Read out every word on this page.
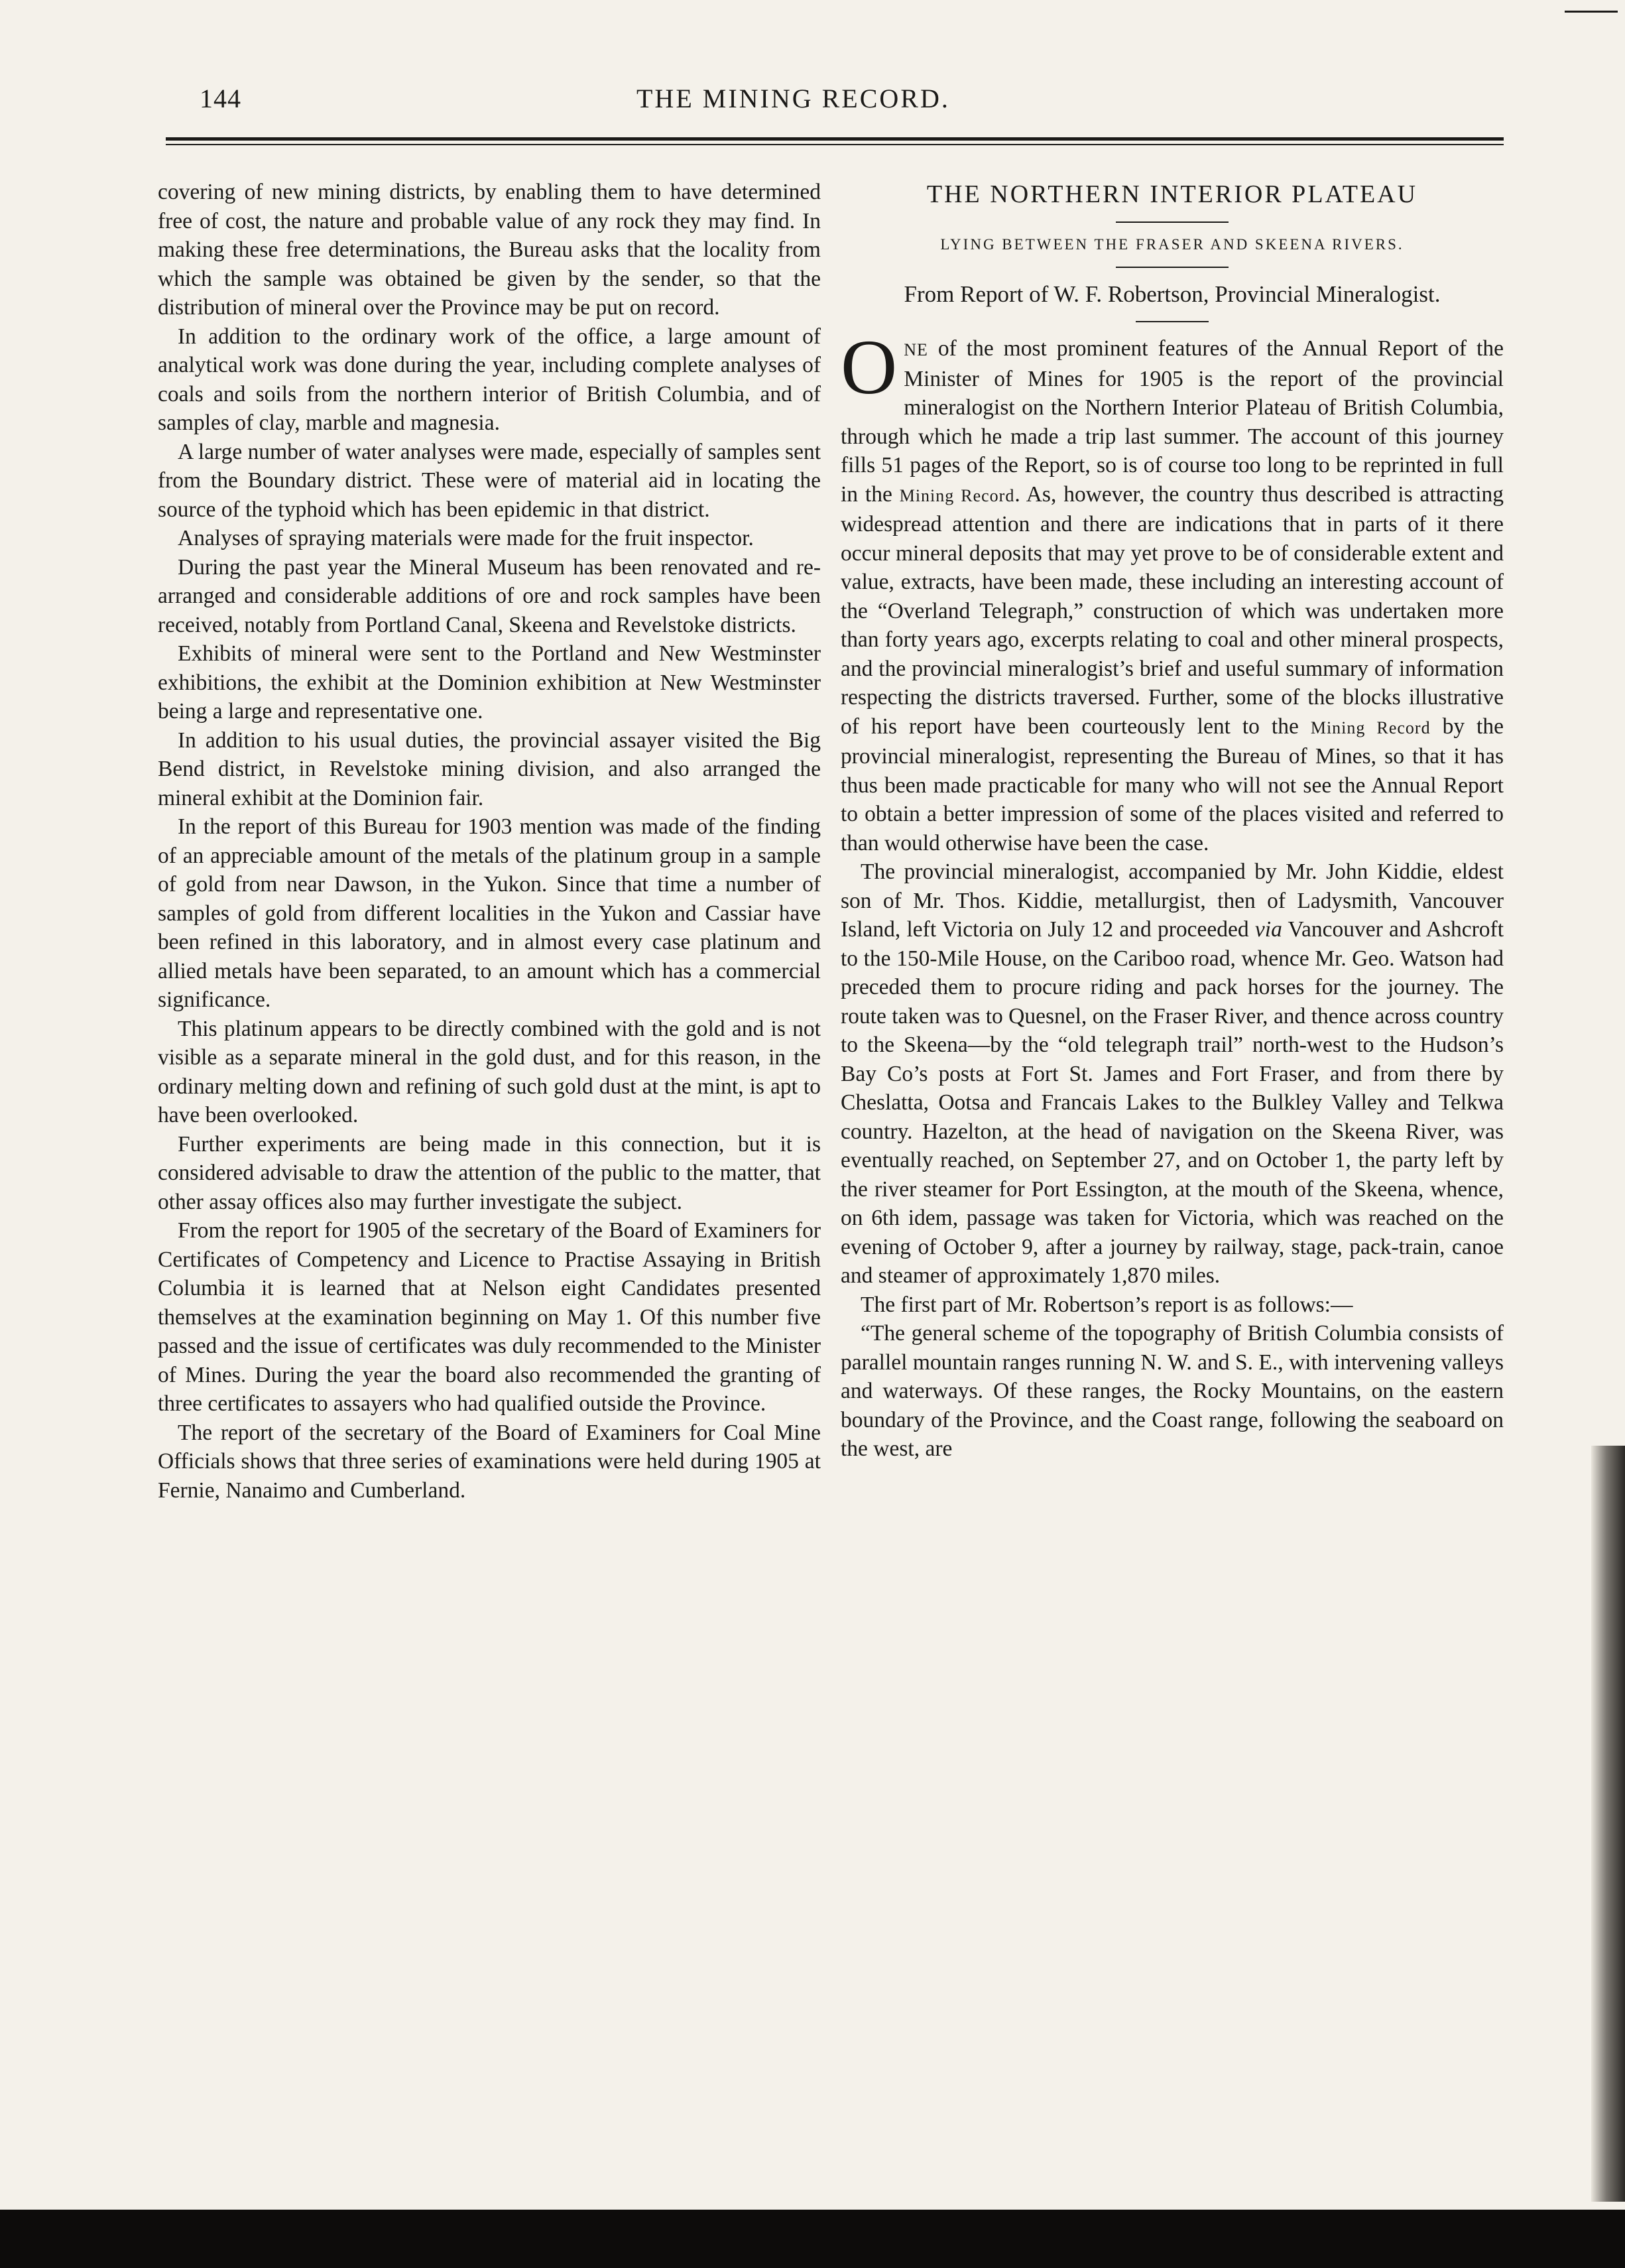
144	THE MINING RECORD.

covering of new mining districts, by enabling them to have determined free of cost, the nature and probable value of any rock they may find. In making these free determinations, the Bureau asks that the locality from which the sample was obtained be given by the sender, so that the distribution of mineral over the Province may be put on record.

In addition to the ordinary work of the office, a large amount of analytical work was done during the year, including complete analyses of coals and soils from the northern interior of British Columbia, and of samples of clay, marble and magnesia.

A large number of water analyses were made, especially of samples sent from the Boundary district. These were of material aid in locating the source of the typhoid which has been epidemic in that district.

Analyses of spraying materials were made for the fruit inspector.

During the past year the Mineral Museum has been renovated and re-arranged and considerable additions of ore and rock samples have been received, notably from Portland Canal, Skeena and Revelstoke districts.

Exhibits of mineral were sent to the Portland and New Westminster exhibitions, the exhibit at the Dominion exhibition at New Westminster being a large and representative one.

In addition to his usual duties, the provincial assayer visited the Big Bend district, in Revelstoke mining division, and also arranged the mineral exhibit at the Dominion fair.

In the report of this Bureau for 1903 mention was made of the finding of an appreciable amount of the metals of the platinum group in a sample of gold from near Dawson, in the Yukon. Since that time a number of samples of gold from different localities in the Yukon and Cassiar have been refined in this laboratory, and in almost every case platinum and allied metals have been separated, to an amount which has a commercial significance.

This platinum appears to be directly combined with the gold and is not visible as a separate mineral in the gold dust, and for this reason, in the ordinary melting down and refining of such gold dust at the mint, is apt to have been overlooked.

Further experiments are being made in this connection, but it is considered advisable to draw the attention of the public to the matter, that other assay offices also may further investigate the subject.

From the report for 1905 of the secretary of the Board of Examiners for Certificates of Competency and Licence to Practise Assaying in British Columbia it is learned that at Nelson eight Candidates presented themselves at the examination beginning on May 1. Of this number five passed and the issue of certificates was duly recommended to the Minister of Mines. During the year the board also recommended the granting of three certificates to assayers who had qualified outside the Province.

The report of the secretary of the Board of Examiners for Coal Mine Officials shows that three series of examinations were held during 1905 at Fernie, Nanaimo and Cumberland.

THE NORTHERN INTERIOR PLATEAU
LYING BETWEEN THE FRASER AND SKEENA RIVERS.
From Report of W. F. Robertson, Provincial Mineralogist.

ONE of the most prominent features of the Annual Report of the Minister of Mines for 1905 is the report of the provincial mineralogist on the Northern Interior Plateau of British Columbia, through which he made a trip last summer. The account of this journey fills 51 pages of the Report, so is of course too long to be reprinted in full in the Mining Record. As, however, the country thus described is attracting widespread attention and there are indications that in parts of it there occur mineral deposits that may yet prove to be of considerable extent and value, extracts, have been made, these including an interesting account of the “Overland Telegraph,” construction of which was undertaken more than forty years ago, excerpts relating to coal and other mineral prospects, and the provincial mineralogist’s brief and useful summary of information respecting the districts traversed. Further, some of the blocks illustrative of his report have been courteously lent to the Mining Record by the provincial mineralogist, representing the Bureau of Mines, so that it has thus been made practicable for many who will not see the Annual Report to obtain a better impression of some of the places visited and referred to than would otherwise have been the case.

The provincial mineralogist, accompanied by Mr. John Kiddie, eldest son of Mr. Thos. Kiddie, metallurgist, then of Ladysmith, Vancouver Island, left Victoria on July 12 and proceeded via Vancouver and Ashcroft to the 150-Mile House, on the Cariboo road, whence Mr. Geo. Watson had preceded them to procure riding and pack horses for the journey. The route taken was to Quesnel, on the Fraser River, and thence across country to the Skeena—by the “old telegraph trail” north-west to the Hudson’s Bay Co’s posts at Fort St. James and Fort Fraser, and from there by Cheslatta, Ootsa and Francais Lakes to the Bulkley Valley and Telkwa country. Hazelton, at the head of navigation on the Skeena River, was eventually reached, on September 27, and on October 1, the party left by the river steamer for Port Essington, at the mouth of the Skeena, whence, on 6th idem, passage was taken for Victoria, which was reached on the evening of October 9, after a journey by railway, stage, pack-train, canoe and steamer of approximately 1,870 miles.

The first part of Mr. Robertson’s report is as follows:—

“The general scheme of the topography of British Columbia consists of parallel mountain ranges running N. W. and S. E., with intervening valleys and waterways. Of these ranges, the Rocky Mountains, on the eastern boundary of the Province, and the Coast range, following the seaboard on the west, are
